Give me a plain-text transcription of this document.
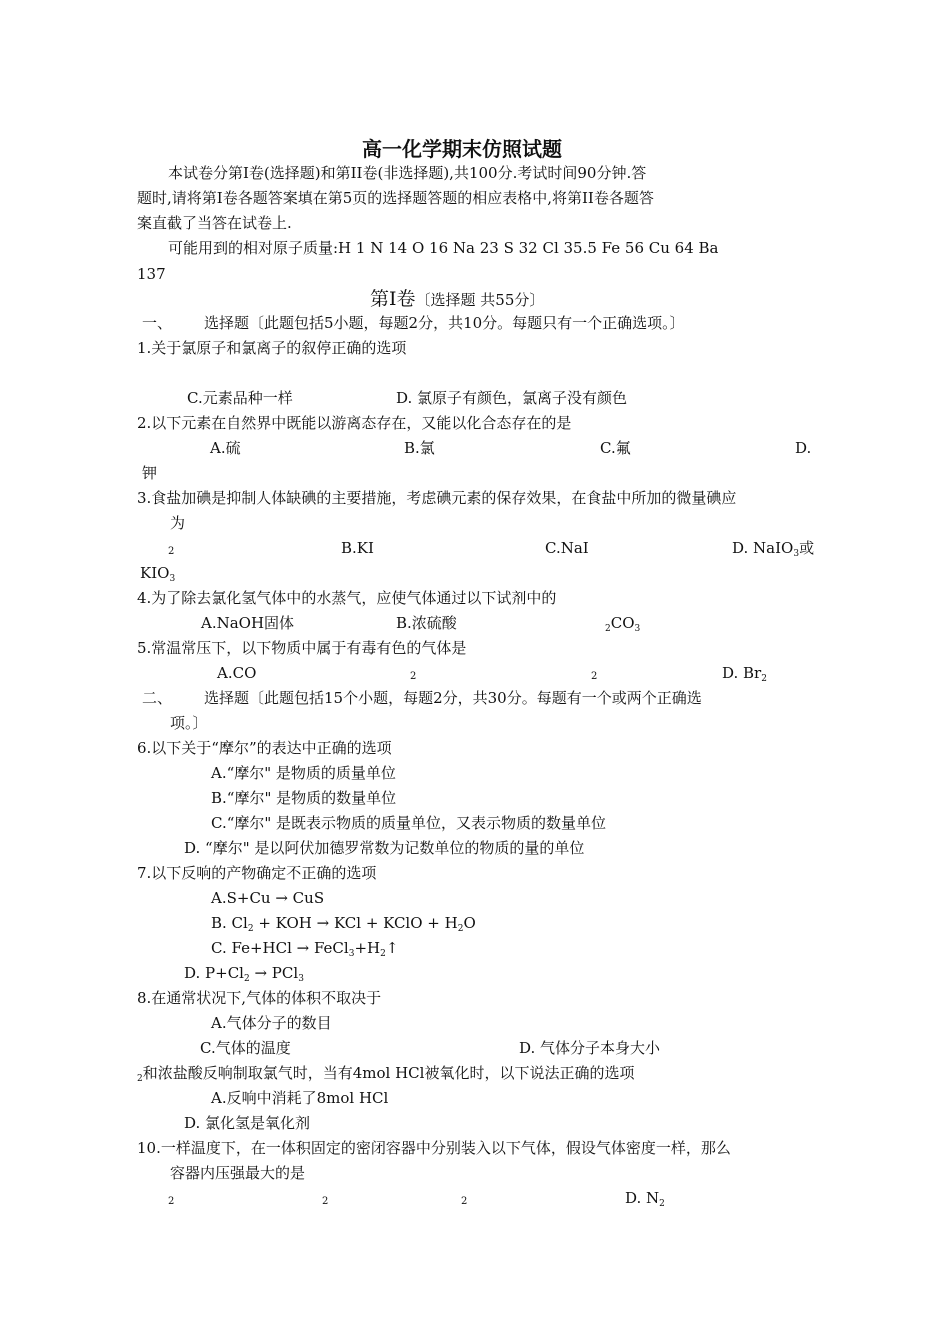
高一化学期末仿照试题
本试卷分第Ⅰ卷(选择题)和第II卷(非选择题),共100分.考试时间90分钟.答
题时,请将第Ⅰ卷各题答案填在第5页的选择题答题的相应表格中,将第II卷各题答
案直截了当答在试卷上.
可能用到的相对原子质量:H 1 N 14 O 16 Na 23 S 32 Cl 35.5 Fe 56 Cu 64 Ba
137
第Ⅰ卷〔选择题 共55分〕
一、 选择题〔此题包括5小题，每题2分，共10分。每题只有一个正确选项。〕
1.关于氯原子和氯离子的叙停正确的选项
C.元素品种一样	D. 氯原子有颜色，氯离子没有颜色
2.以下元素在自然界中既能以游离态存在，又能以化合态存在的是
A.硫	B.氯	C.氟	D.
钾
3.食盐加碘是抑制人体缺碘的主要措施，考虑碘元素的保存效果，在食盐中所加的微量碘应
为
2	B.KI	C.NaI	D. NaIO$_3$或
$KIO_3$
4.为了除去氯化氢气体中的水蒸气，应使气体通过以下试剂中的
A.NaOH固体	B.浓硫酸	$_2CO_3$
5.常温常压下，以下物质中属于有毒有色的气体是
A.CO	2	2	D. $Br_2$
二、 选择题〔此题包括15个小题，每题2分，共30分。每题有一个或两个正确选
项。〕
6.以下关于“摩尔”的表达中正确的选项
A.“摩尔" 是物质的质量单位
B.“摩尔" 是物质的数量单位
C.“摩尔" 是既表示物质的质量单位，又表示物质的数量单位
D. “摩尔" 是以阿伏加德罗常数为记数单位的物质的量的单位
7.以下反响的产物确定不正确的选项
A.S+Cu → CuS
B. $Cl_2$ + KOH → KCl + KClO + $H_2O$
C. $Fe+HCl \to FeCl_3+H_2↑$
D. $P+Cl_2 \to PCl_3$
8.在通常状况下,气体的体积不取决于
A.气体分子的数目
C.气体的温度	D. 气体分子本身大小
$_2$和浓盐酸反响制取氯气时，当有4mol HCl被氧化时，以下说法正确的选项
A.反响中消耗了8mol HCl
D. 氯化氢是氧化剂
10.一样温度下，在一体积固定的密闭容器中分别装入以下气体，假设气体密度一样，那么
容器内压强最大的是
2	2	2	D. $N_2$
